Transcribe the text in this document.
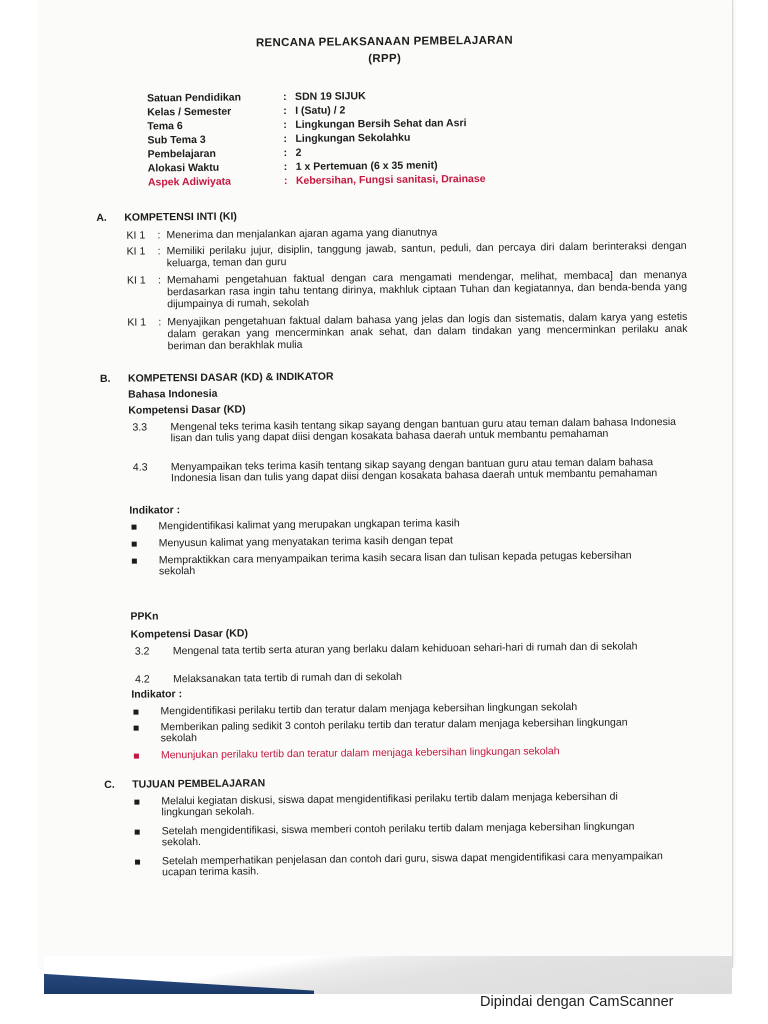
RENCANA PELAKSANAAN PEMBELAJARAN
(RPP)
Satuan Pendidikan	: SDN 19 SIJUK
Kelas / Semester	: I (Satu) / 2
Tema 6	: Lingkungan Bersih Sehat dan Asri
Sub Tema 3	: Lingkungan Sekolahku
Pembelajaran	: 2
Alokasi Waktu	: 1 x Pertemuan (6 x 35 menit)
Aspek Adiwiyata	: Kebersihan, Fungsi sanitasi, Drainase
A. KOMPETENSI INTI (KI)
KI 1 : Menerima dan menjalankan ajaran agama yang dianutnya
KI 1 : Memiliki perilaku jujur, disiplin, tanggung jawab, santun, peduli, dan percaya diri dalam berinteraksi dengan keluarga, teman dan guru
KI 1 : Memahami pengetahuan faktual dengan cara mengamati mendengar, melihat, membaca] dan menanya berdasarkan rasa ingin tahu tentang dirinya, makhluk ciptaan Tuhan dan kegiatannya, dan benda-benda yang dijumpainya di rumah, sekolah
KI 1 : Menyajikan pengetahuan faktual dalam bahasa yang jelas dan logis dan sistematis, dalam karya yang estetis dalam gerakan yang mencerminkan anak sehat, dan dalam tindakan yang mencerminkan perilaku anak beriman dan berakhlak mulia
B. KOMPETENSI DASAR (KD) & INDIKATOR
Bahasa Indonesia
Kompetensi Dasar (KD)
3.3 Mengenal teks terima kasih tentang sikap sayang dengan bantuan guru atau teman dalam bahasa Indonesia lisan dan tulis yang dapat diisi dengan kosakata bahasa daerah untuk membantu pemahaman
4.3 Menyampaikan teks terima kasih tentang sikap sayang dengan bantuan guru atau teman dalam bahasa Indonesia lisan dan tulis yang dapat diisi dengan kosakata bahasa daerah untuk membantu pemahaman
Indikator :
Mengidentifikasi kalimat yang merupakan ungkapan terima kasih
Menyusun kalimat yang menyatakan terima kasih dengan tepat
Mempraktikkan cara menyampaikan terima kasih secara lisan dan tulisan kepada petugas kebersihan sekolah
PPKn
Kompetensi Dasar (KD)
3.2 Mengenal tata tertib serta aturan yang berlaku dalam kehiduoan sehari-hari di rumah dan di sekolah
4.2 Melaksanakan tata tertib di rumah dan di sekolah
Indikator :
Mengidentifikasi perilaku tertib dan teratur dalam menjaga kebersihan lingkungan sekolah
Memberikan paling sedikit 3 contoh perilaku tertib dan teratur dalam menjaga kebersihan lingkungan sekolah
Menunjukan perilaku tertib dan teratur dalam menjaga kebersihan lingkungan sekolah
C. TUJUAN PEMBELAJARAN
Melalui kegiatan diskusi, siswa dapat mengidentifikasi perilaku tertib dalam menjaga kebersihan di lingkungan sekolah.
Setelah mengidentifikasi, siswa memberi contoh perilaku tertib dalam menjaga kebersihan lingkungan sekolah.
Setelah memperhatikan penjelasan dan contoh dari guru, siswa dapat mengidentifikasi cara menyampaikan ucapan terima kasih.
Dipindai dengan CamScanner
